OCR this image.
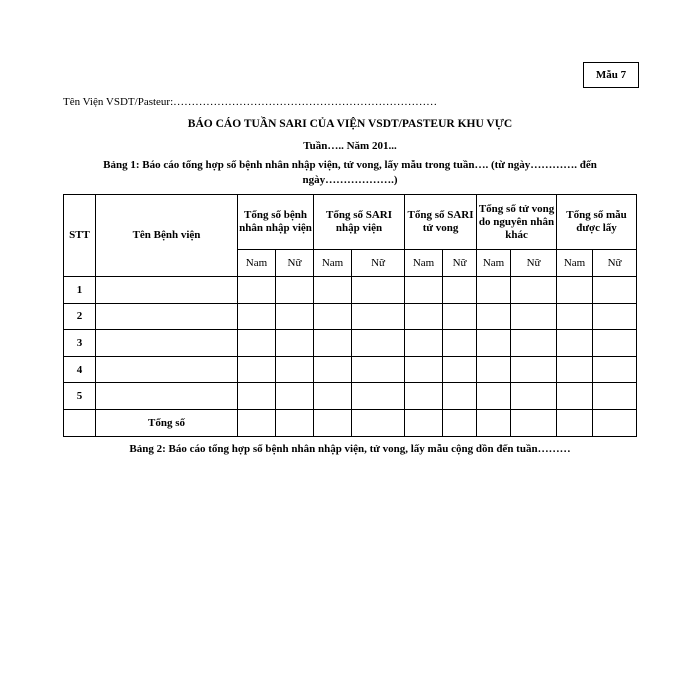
Mẫu 7
Tên Viện VSDT/Pasteur:………………………………………………………………
BÁO CÁO TUẦN SARI CỦA VIỆN VSDT/PASTEUR KHU VỰC
Tuần….. Năm 201...
Bảng 1: Báo cáo tổng hợp số bệnh nhân nhập viện, tử vong, lấy mẫu trong tuần…. (từ ngày…………. đến ngày……………….)
STT	Tên Bệnh viện	Tổng số bệnh nhân nhập viện		Tổng số SARI nhập viện		Tổng số SARI tử vong		Tổng số tử vong do nguyên nhân khác		Tổng số mẫu được lấy	
		Nam	Nữ	Nam	Nữ	Nam	Nữ	Nam	Nữ	Nam	Nữ
1											
2											
3											
4											
5											
	Tổng số										
Bảng 2: Báo cáo tổng hợp số bệnh nhân nhập viện, tử vong, lấy mẫu cộng dồn đến tuần………
